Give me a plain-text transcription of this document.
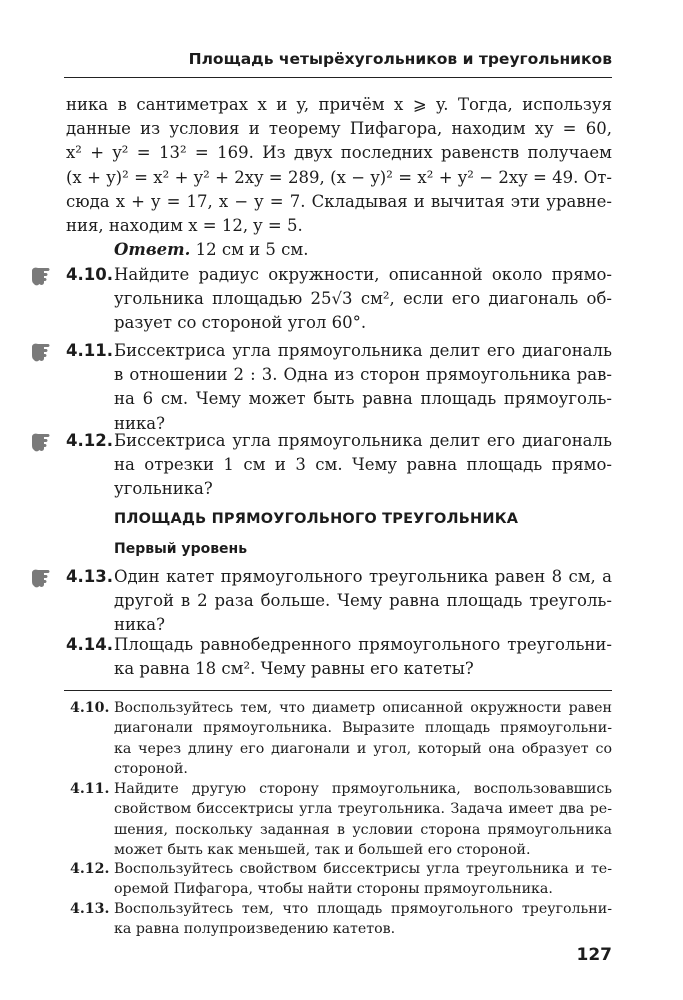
Площадь четырёхугольников и треугольников
ника в сантиметрах x и y, причём x ⩾ y. Тогда, используя
данные из условия и теорему Пифагора, находим xy = 60,
x² + y² = 13² = 169. Из двух последних равенств получаем
(x + y)² = x² + y² + 2xy = 289, (x − y)² = x² + y² − 2xy = 49. От-
сюда x + y = 17, x − y = 7. Складывая и вычитая эти уравне-
ния, находим x = 12, y = 5.
Ответ. 12 см и 5 см.
4.10. Найдите радиус окружности, описанной около прямо-
угольника площадью 25√3 см², если его диагональ об-
разует со стороной угол 60°.
4.11. Биссектриса угла прямоугольника делит его диагональ
в отношении 2 : 3. Одна из сторон прямоугольника рав-
на 6 см. Чему может быть равна площадь прямоуголь-
ника?
4.12. Биссектриса угла прямоугольника делит его диагональ
на отрезки 1 см и 3 см. Чему равна площадь прямо-
угольника?
ПЛОЩАДЬ ПРЯМОУГОЛЬНОГО ТРЕУГОЛЬНИКА
Первый уровень
4.13. Один катет прямоугольного треугольника равен 8 см, а
другой в 2 раза больше. Чему равна площадь треуголь-
ника?
4.14. Площадь равнобедренного прямоугольного треугольни-
ка равна 18 см². Чему равны его катеты?
4.10. Воспользуйтесь тем, что диаметр описанной окружности равен
диагонали прямоугольника. Выразите площадь прямоугольни-
ка через длину его диагонали и угол, который она образует со
стороной.
4.11. Найдите другую сторону прямоугольника, воспользовавшись
свойством биссектрисы угла треугольника. Задача имеет два ре-
шения, поскольку заданная в условии сторона прямоугольника
может быть как меньшей, так и большей его стороной.
4.12. Воспользуйтесь свойством биссектрисы угла треугольника и те-
оремой Пифагора, чтобы найти стороны прямоугольника.
4.13. Воспользуйтесь тем, что площадь прямоугольного треугольни-
ка равна полупроизведению катетов.
127
